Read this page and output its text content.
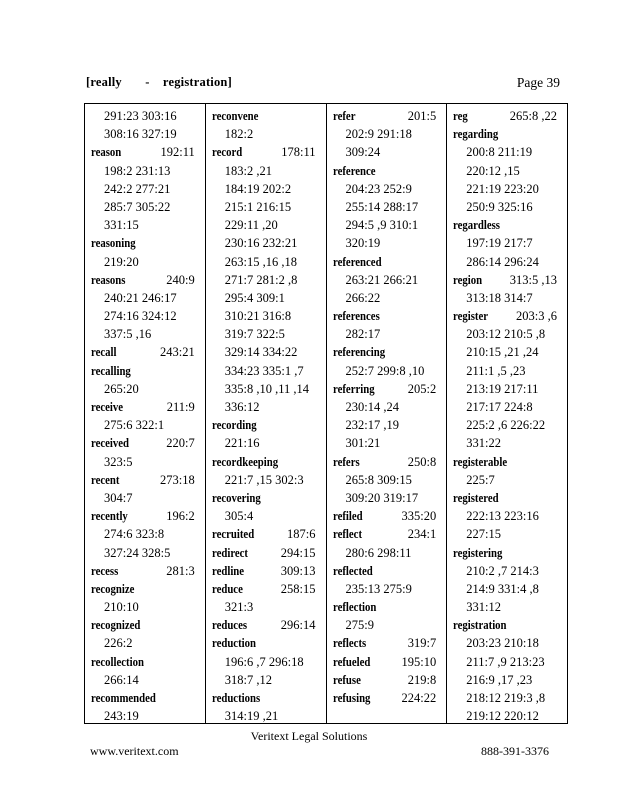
[really - registration]	Page 39
291:23 303:16
308:16 327:19
reason	192:11
198:2 231:13
242:2 277:21
285:7 305:22
331:15
reasoning
219:20
reasons	240:9
240:21 246:17
274:16 324:12
337:5 ,16
recall	243:21
recalling
265:20
receive	211:9
275:6 322:1
received	220:7
323:5
recent	273:18
304:7
recently	196:2
274:6 323:8
327:24 328:5
recess	281:3
recognize
210:10
recognized
226:2
recollection
266:14
recommended
243:19
reconvene
182:2
record	178:11
183:2 ,21
184:19 202:2
215:1 216:15
229:11 ,20
230:16 232:21
263:15 ,16 ,18
271:7 281:2 ,8
295:4 309:1
310:21 316:8
319:7 322:5
329:14 334:22
334:23 335:1 ,7
335:8 ,10 ,11 ,14
336:12
recording
221:16
recordkeeping
221:7 ,15 302:3
recovering
305:4
recruited	187:6
redirect	294:15
redline	309:13
reduce	258:15
321:3
reduces	296:14
reduction
196:6 ,7 296:18
318:7 ,12
reductions
314:19 ,21
refer	201:5
202:9 291:18
309:24
reference
204:23 252:9
255:14 288:17
294:5 ,9 310:1
320:19
referenced
263:21 266:21
266:22
references
282:17
referencing
252:7 299:8 ,10
referring	205:2
230:14 ,24
232:17 ,19
301:21
refers	250:8
265:8 309:15
309:20 319:17
refiled	335:20
reflect	234:1
280:6 298:11
reflected
235:13 275:9
reflection
275:9
reflects	319:7
refueled	195:10
refuse	219:8
refusing	224:22
reg	265:8 ,22
regarding
200:8 211:19
220:12 ,15
221:19 223:20
250:9 325:16
regardless
197:19 217:7
286:14 296:24
region 313:5 ,13
313:18 314:7
register 203:3 ,6
203:12 210:5 ,8
210:15 ,21 ,24
211:1 ,5 ,23
213:19 217:11
217:17 224:8
225:2 ,6 226:22
331:22
registerable
225:7
registered
222:13 223:16
227:15
registering
210:2 ,7 214:3
214:9 331:4 ,8
331:12
registration
203:23 210:18
211:7 ,9 213:23
216:9 ,17 ,23
218:12 219:3 ,8
219:12 220:12
Veritext Legal Solutions
www.veritext.com	888-391-3376
